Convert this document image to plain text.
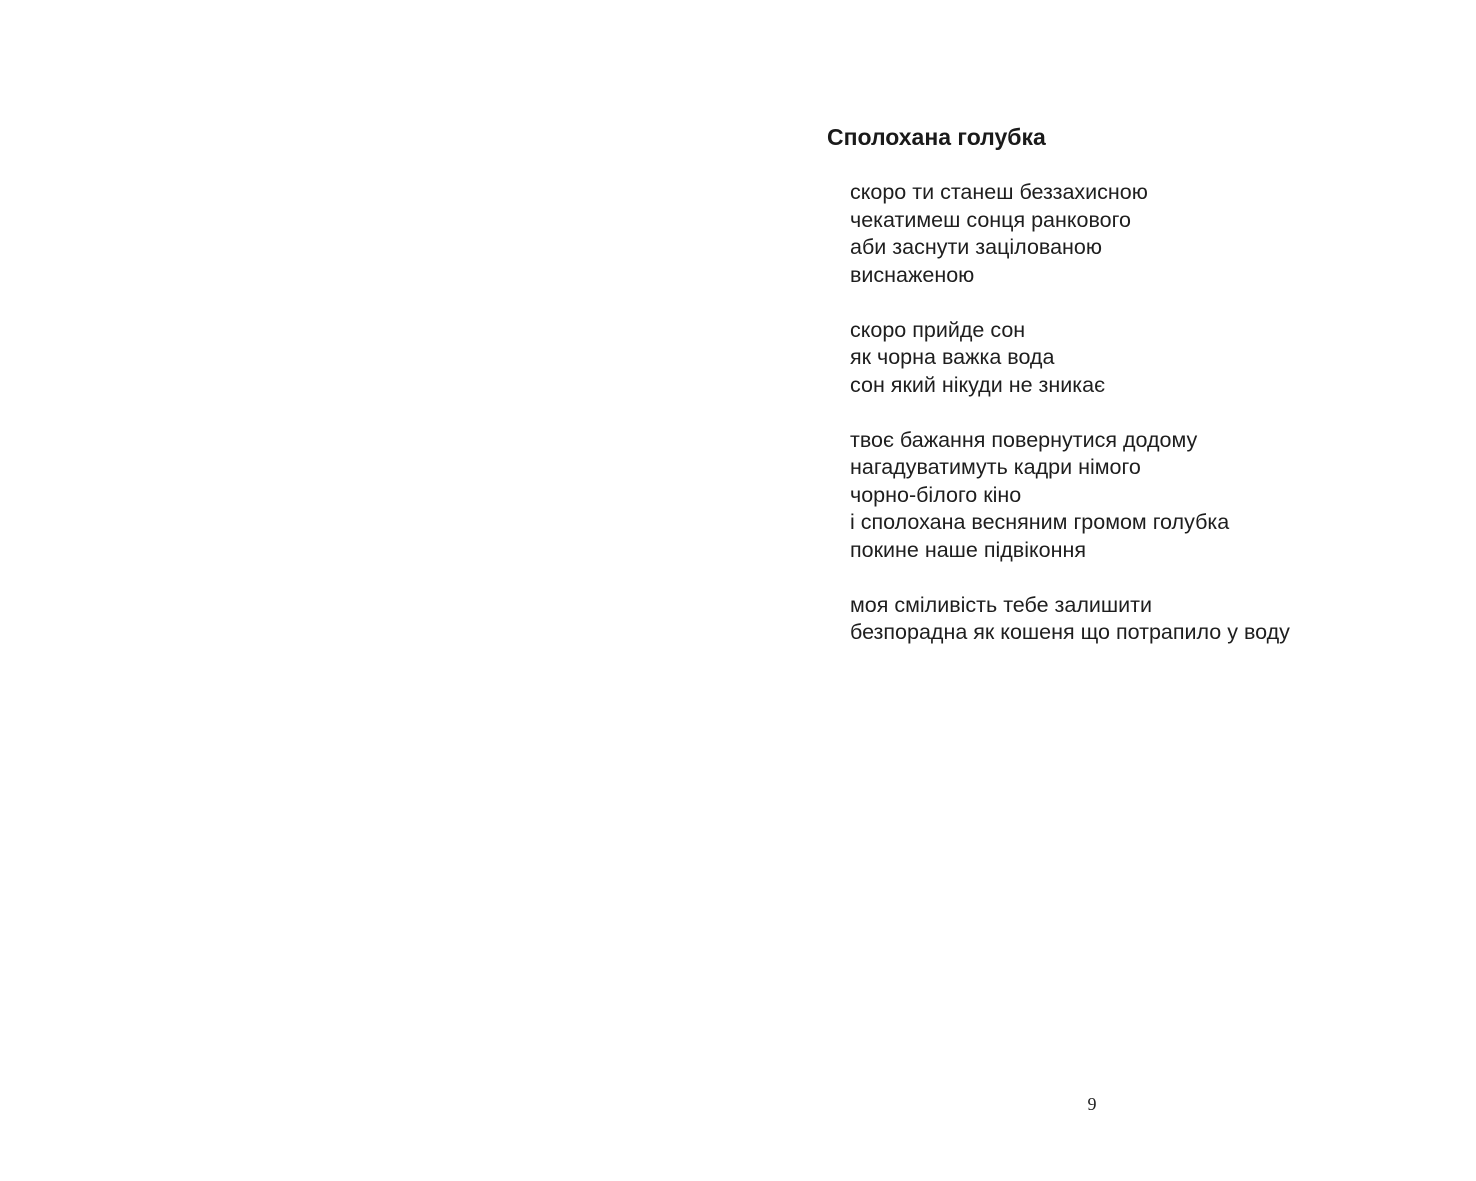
Сполохана голубка
скоро ти станеш беззахисною
чекатимеш сонця ранкового
аби заснути зацілованою
виснаженою
скоро прийде сон
як чорна важка вода
сон який нікуди не зникає
твоє бажання повернутися додому
нагадуватимуть кадри німого
чорно-білого кіно
і сполохана весняним громом голубка
покине наше підвіконня
моя сміливість тебе залишити
безпорадна як кошеня що потрапило у воду
9
